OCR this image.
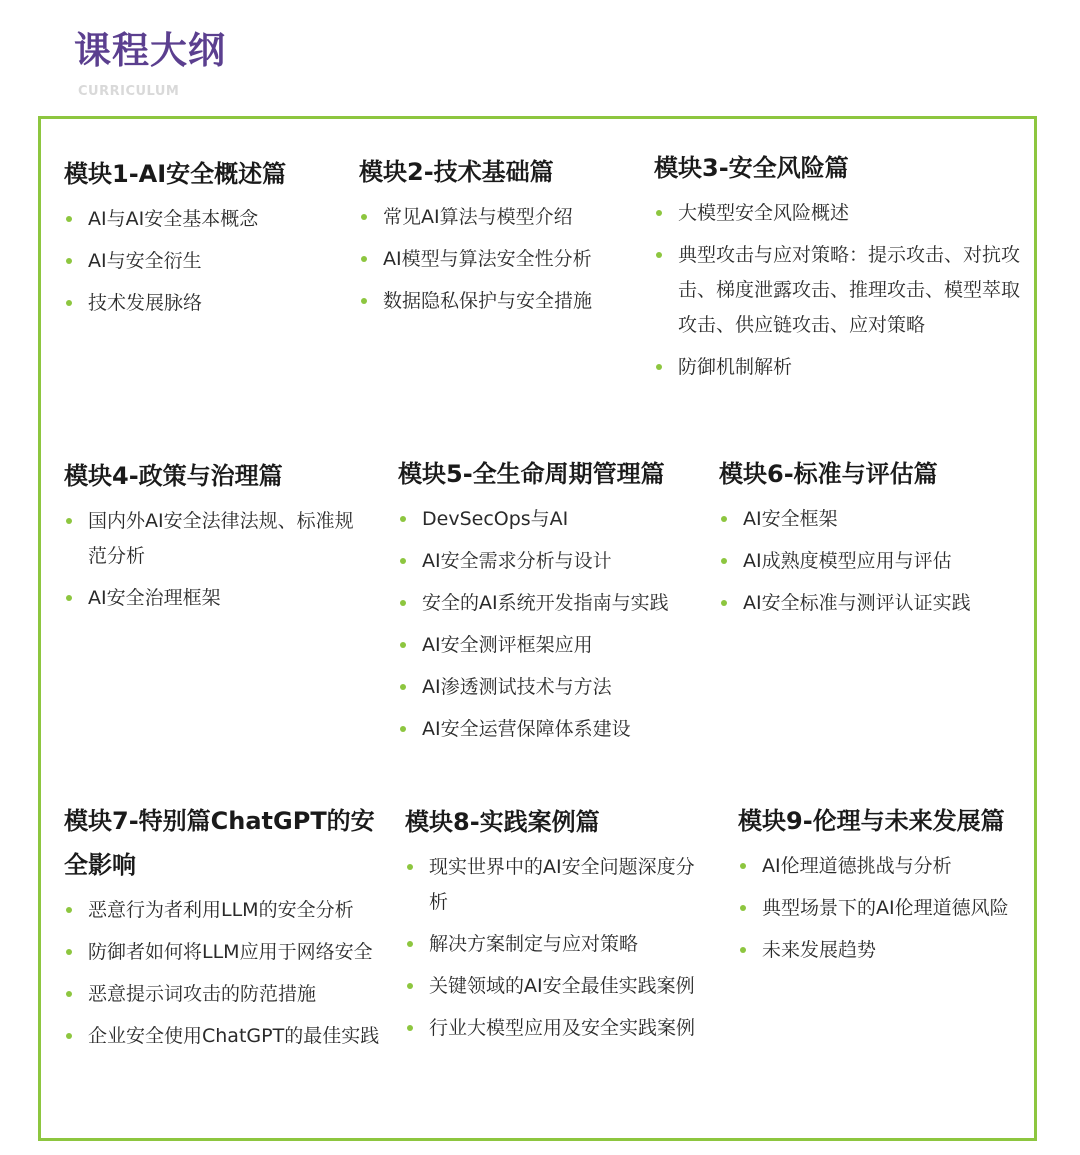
课程大纲
CURRICULUM
模块1-AI安全概述篇
AI与AI安全基本概念
AI与安全衍生
技术发展脉络
模块2-技术基础篇
常见AI算法与模型介绍
AI模型与算法安全性分析
数据隐私保护与安全措施
模块3-安全风险篇
大模型安全风险概述
典型攻击与应对策略：提示攻击、对抗攻击、梯度泄露攻击、推理攻击、模型萃取攻击、供应链攻击、应对策略
防御机制解析
模块4-政策与治理篇
国内外AI安全法律法规、标准规范分析
AI安全治理框架
模块5-全生命周期管理篇
DevSecOps与AI
AI安全需求分析与设计
安全的AI系统开发指南与实践
AI安全测评框架应用
AI渗透测试技术与方法
AI安全运营保障体系建设
模块6-标准与评估篇
AI安全框架
AI成熟度模型应用与评估
AI安全标准与测评认证实践
模块7-特别篇ChatGPT的安全影响
恶意行为者利用LLM的安全分析
防御者如何将LLM应用于网络安全
恶意提示词攻击的防范措施
企业安全使用ChatGPT的最佳实践
模块8-实践案例篇
现实世界中的AI安全问题深度分析
解决方案制定与应对策略
关键领域的AI安全最佳实践案例
行业大模型应用及安全实践案例
模块9-伦理与未来发展篇
AI伦理道德挑战与分析
典型场景下的AI伦理道德风险
未来发展趋势
